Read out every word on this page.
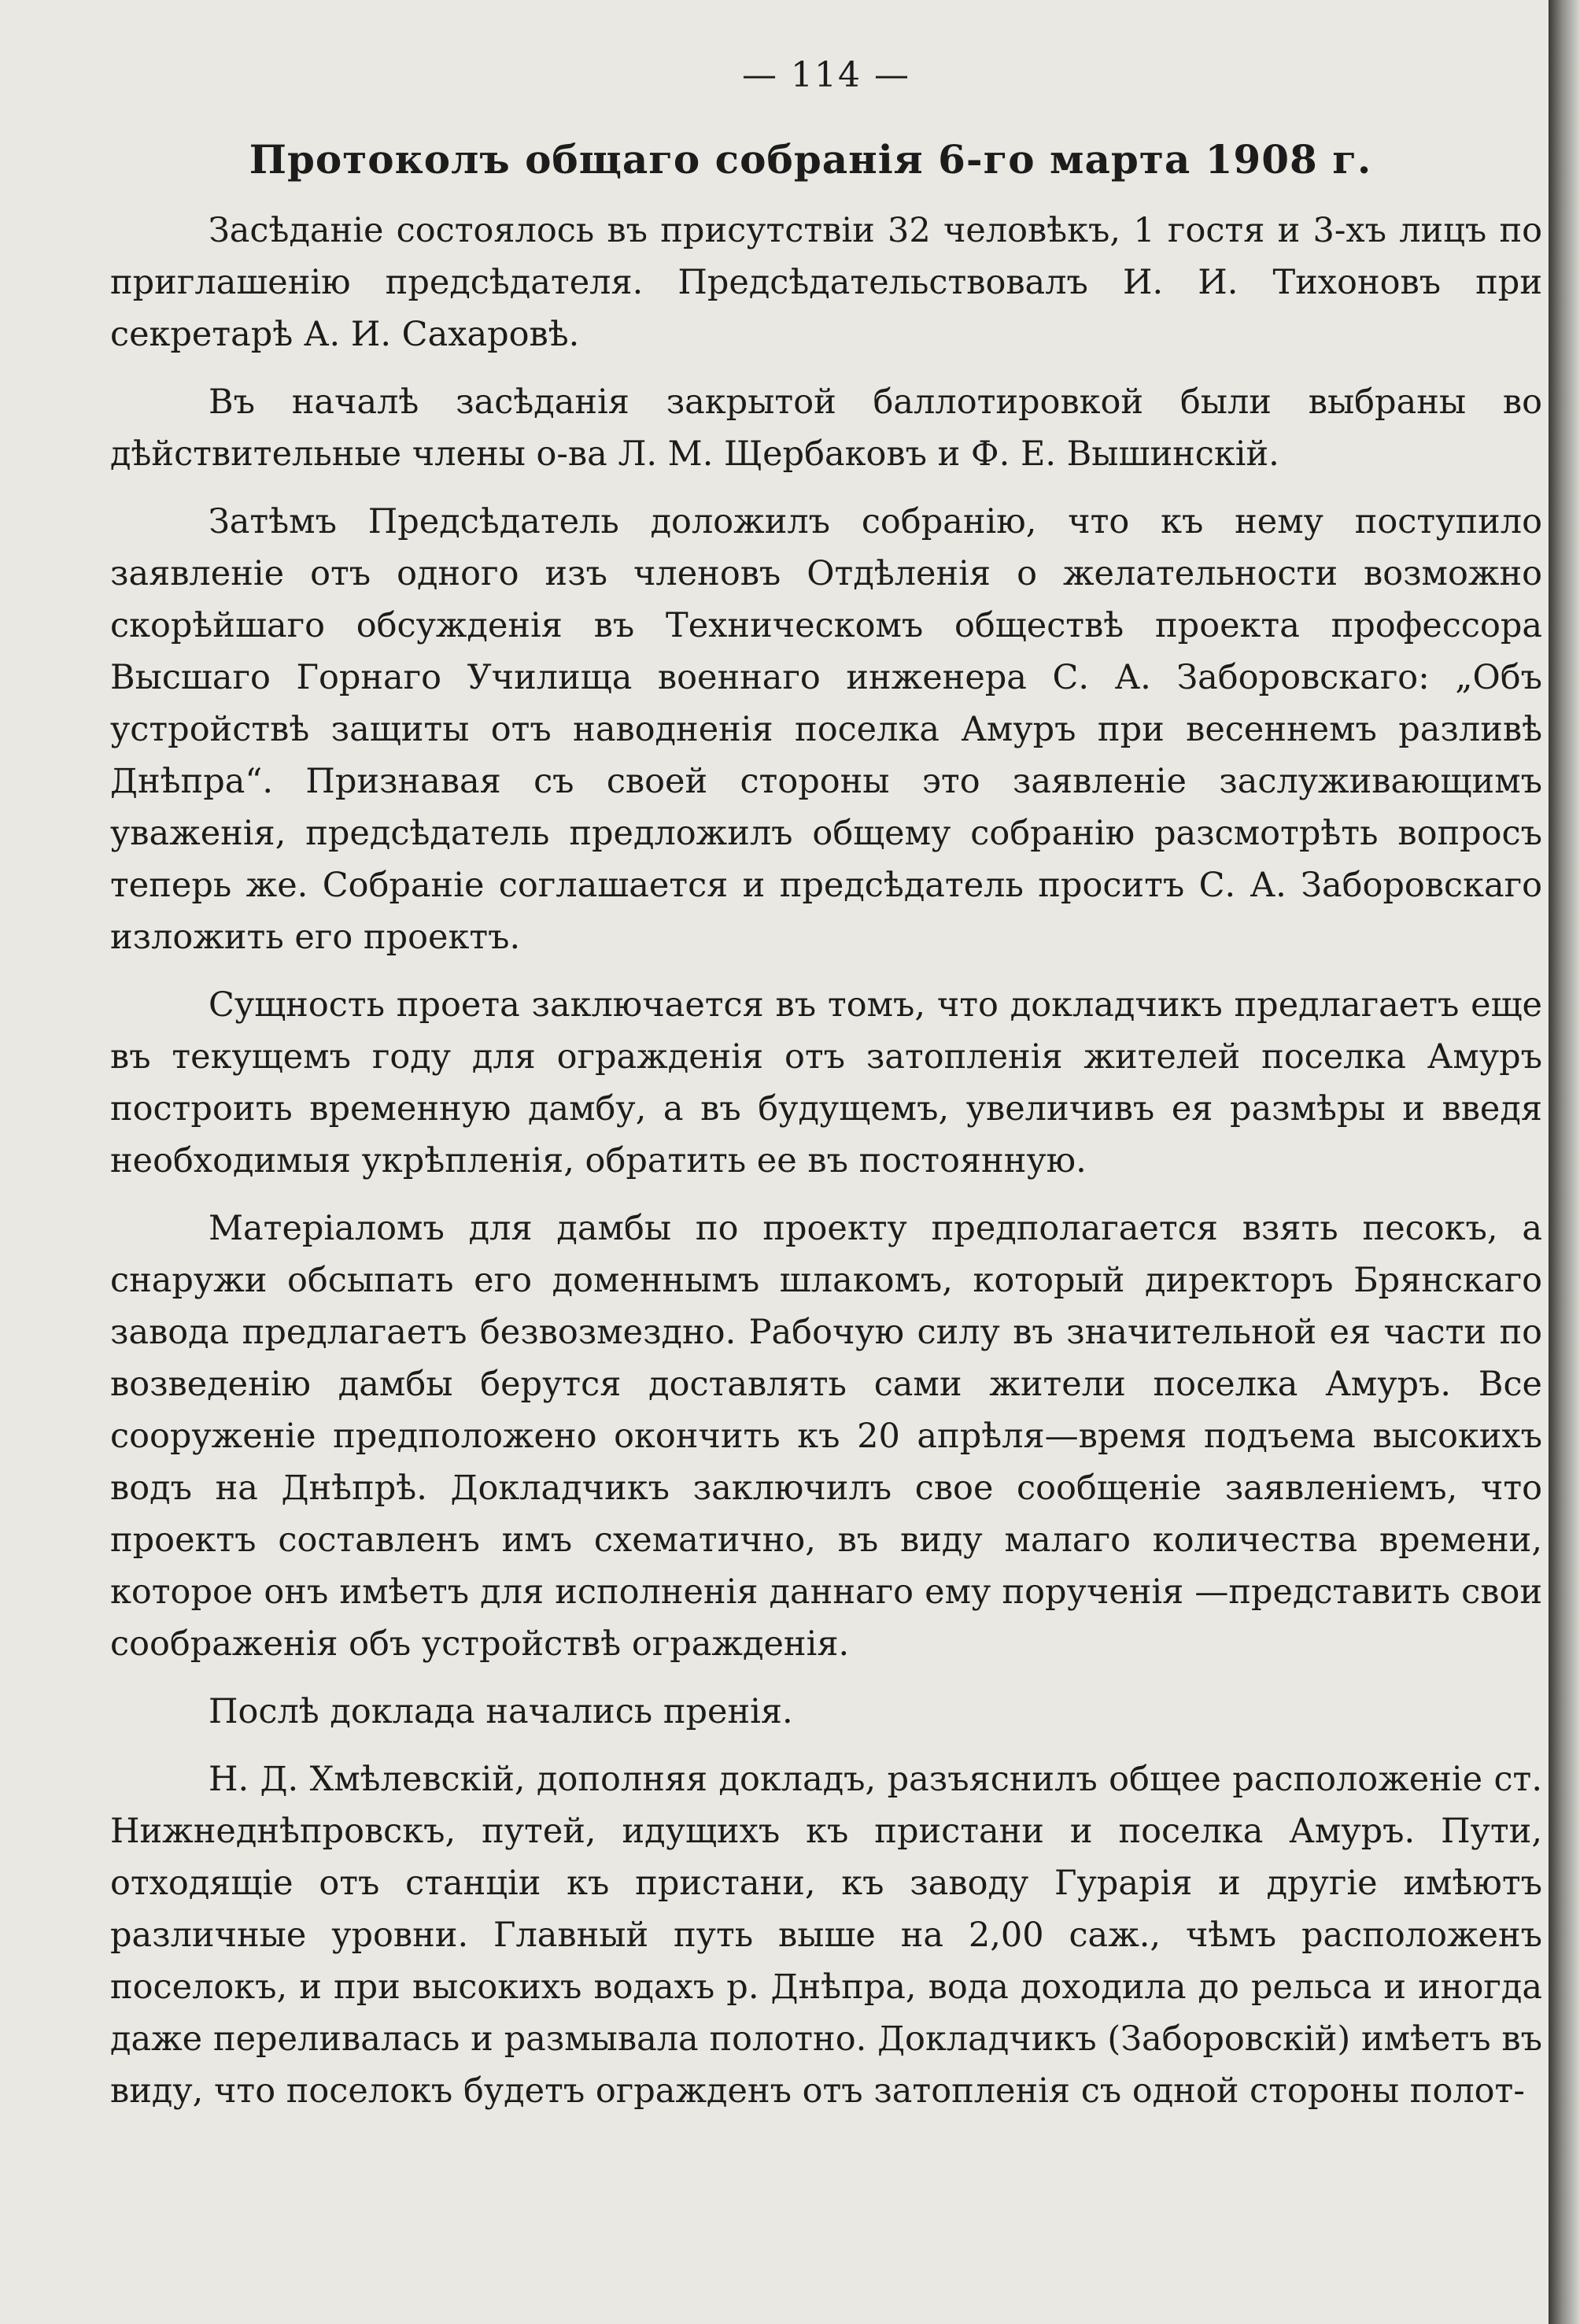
— 114 —
Протоколъ общаго собранія 6-го марта 1908 г.

Засѣданіе состоялось въ присутствіи 32 человѣкъ, 1 гостя и 3-хъ лицъ по приглашенію предсѣдателя. Предсѣдательствовалъ И. И. Тихоновъ при секретарѣ А. И. Сахаровѣ.

Въ началѣ засѣданія закрытой баллотировкой были выбраны во дѣйствительные члены о-ва Л. М. Щербаковъ и Ф. Е. Вышинскій.

Затѣмъ Предсѣдатель доложилъ собранію, что къ нему поступило заявленіе отъ одного изъ членовъ Отдѣленія о желательности возможно скорѣйшаго обсужденія въ Техническомъ обществѣ проекта профессора Высшаго Горнаго Училища военнаго инженера С. А. Заборовскаго: „Объ устройствѣ защиты отъ наводненія поселка Амуръ при весеннемъ разливѣ Днѣпра“. Признавая съ своей стороны это заявленіе заслуживающимъ уваженія, предсѣдатель предложилъ общему собранію разсмотрѣть вопросъ теперь же. Собраніе соглашается и предсѣдатель проситъ С. А. Заборовскаго изложить его проектъ.

Сущность проета заключается въ томъ, что докладчикъ предлагаетъ еще въ текущемъ году для огражденія отъ затопленія жителей поселка Амуръ построить временную дамбу, а въ будущемъ, увеличивъ ея размѣры и введя необходимыя укрѣпленія, обратить ее въ постоянную.

Матеріаломъ для дамбы по проекту предполагается взять песокъ, а снаружи обсыпать его доменнымъ шлакомъ, который директоръ Брянскаго завода предлагаетъ безвозмездно. Рабочую силу въ значительной ея части по возведенію дамбы берутся доставлять сами жители поселка Амуръ. Все сооруженіе предположено окончить къ 20 апрѣля—время подъема высокихъ водъ на Днѣпрѣ. Докладчикъ заключилъ свое сообщеніе заявленіемъ, что проектъ составленъ имъ схематично, въ виду малаго количества времени, которое онъ имѣетъ для исполненія даннаго ему порученія —представить свои соображенія объ устройствѣ огражденія.

Послѣ доклада начались пренія.

Н. Д. Хмѣлевскій, дополняя докладъ, разъяснилъ общее расположеніе ст. Нижнеднѣпровскъ, путей, идущихъ къ пристани и поселка Амуръ. Пути, отходящіе отъ станціи къ пристани, къ заводу Гурарія и другіе имѣютъ различные уровни. Главный путь выше на 2,00 саж., чѣмъ расположенъ поселокъ, и при высокихъ водахъ р. Днѣпра, вода доходила до рельса и иногда даже переливалась и размывала полотно. Докладчикъ (Заборовскій) имѣетъ въ виду, что поселокъ будетъ огражденъ отъ затопленія съ одной стороны полот-
